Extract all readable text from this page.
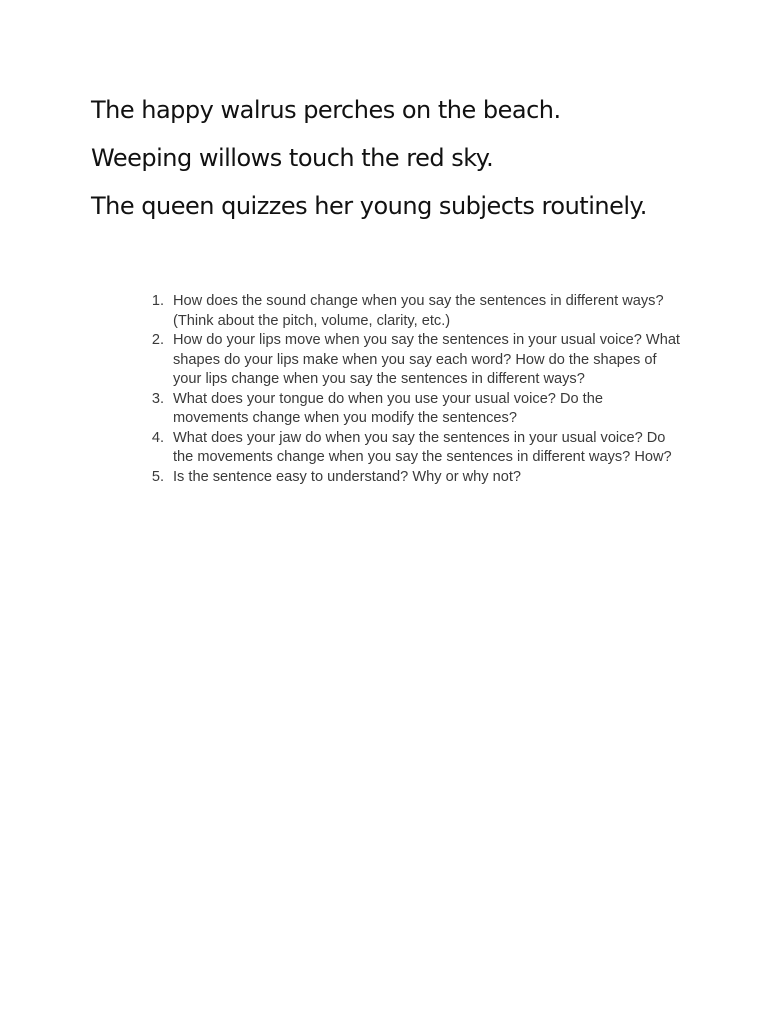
The happy walrus perches on the beach.

Weeping willows touch the red sky.

The queen quizzes her young subjects routinely.

1. How does the sound change when you say the sentences in different ways? (Think about the pitch, volume, clarity, etc.)
2. How do your lips move when you say the sentences in your usual voice? What shapes do your lips make when you say each word? How do the shapes of your lips change when you say the sentences in different ways?
3. What does your tongue do when you use your usual voice? Do the movements change when you modify the sentences?
4. What does your jaw do when you say the sentences in your usual voice? Do the movements change when you say the sentences in different ways? How?
5. Is the sentence easy to understand? Why or why not?
